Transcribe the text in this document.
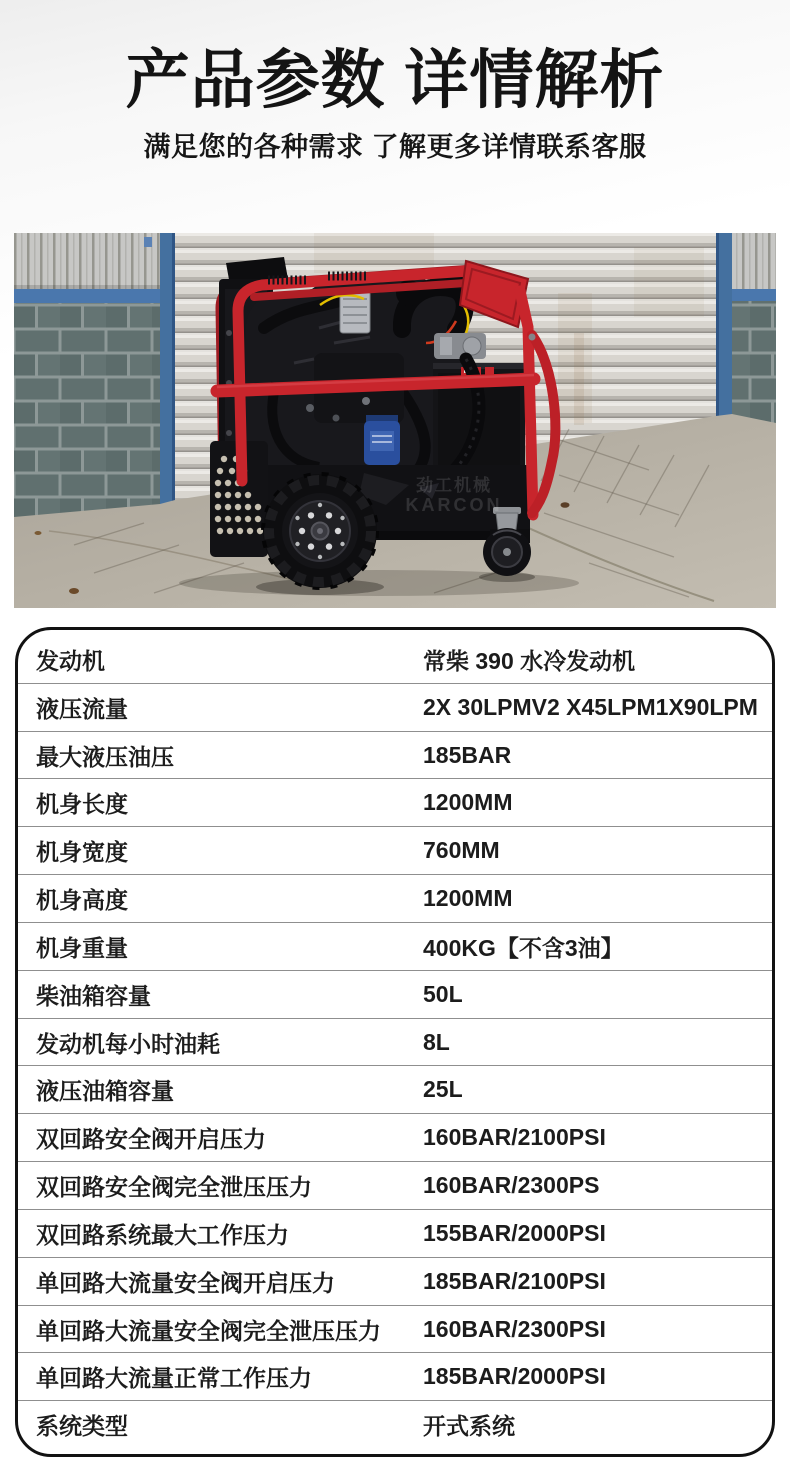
产品参数 详情解析

满足您的各种需求 了解更多详情联系客服

劲工机械
KARCON
发动机	常柴 390 水冷发动机
液压流量	2X 30LPMV2 X45LPM1X90LPM
最大液压油压	185BAR
机身长度	1200MM
机身宽度	760MM
机身高度	1200MM
机身重量	400KG【不含3油】
柴油箱容量	50L
发动机每小时油耗	8L
液压油箱容量	25L
双回路安全阀开启压力	160BAR/2100PSI
双回路安全阀完全泄压压力	160BAR/2300PS
双回路系统最大工作压力	155BAR/2000PSI
单回路大流量安全阀开启压力	185BAR/2100PSI
单回路大流量安全阀完全泄压压力	160BAR/2300PSI
单回路大流量正常工作压力	185BAR/2000PSI
系统类型	开式系统
